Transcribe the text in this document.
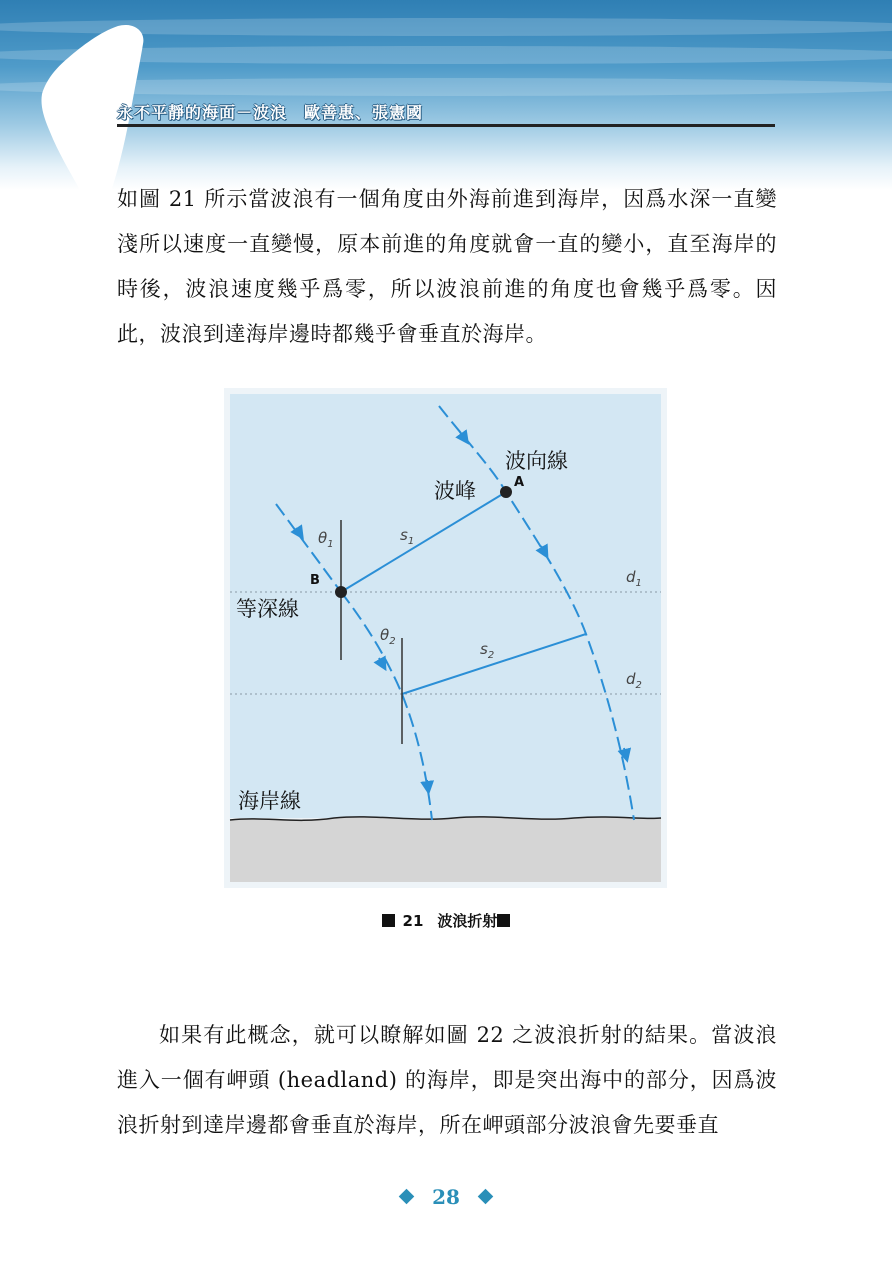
永不平靜的海面－波浪　歐善惠、張憲國

如圖 21 所示當波浪有一個角度由外海前進到海岸，因爲水深一直變淺所以速度一直變慢，原本前進的角度就會一直的變小，直至海岸的時後，波浪速度幾乎爲零，所以波浪前進的角度也會幾乎爲零。因此，波浪到達海岸邊時都幾乎會垂直於海岸。

波向線
波峰	A
B
等深線
海岸線
$\theta_1$
$\theta_2$
$s_1$
$s_2$
$d_1$
$d_2$
21 波浪折射

如果有此概念，就可以瞭解如圖 22 之波浪折射的結果。當波浪進入一個有岬頭 (headland) 的海岸，即是突出海中的部分，因爲波浪折射到達岸邊都會垂直於海岸，所在岬頭部分波浪會先要垂直

28
